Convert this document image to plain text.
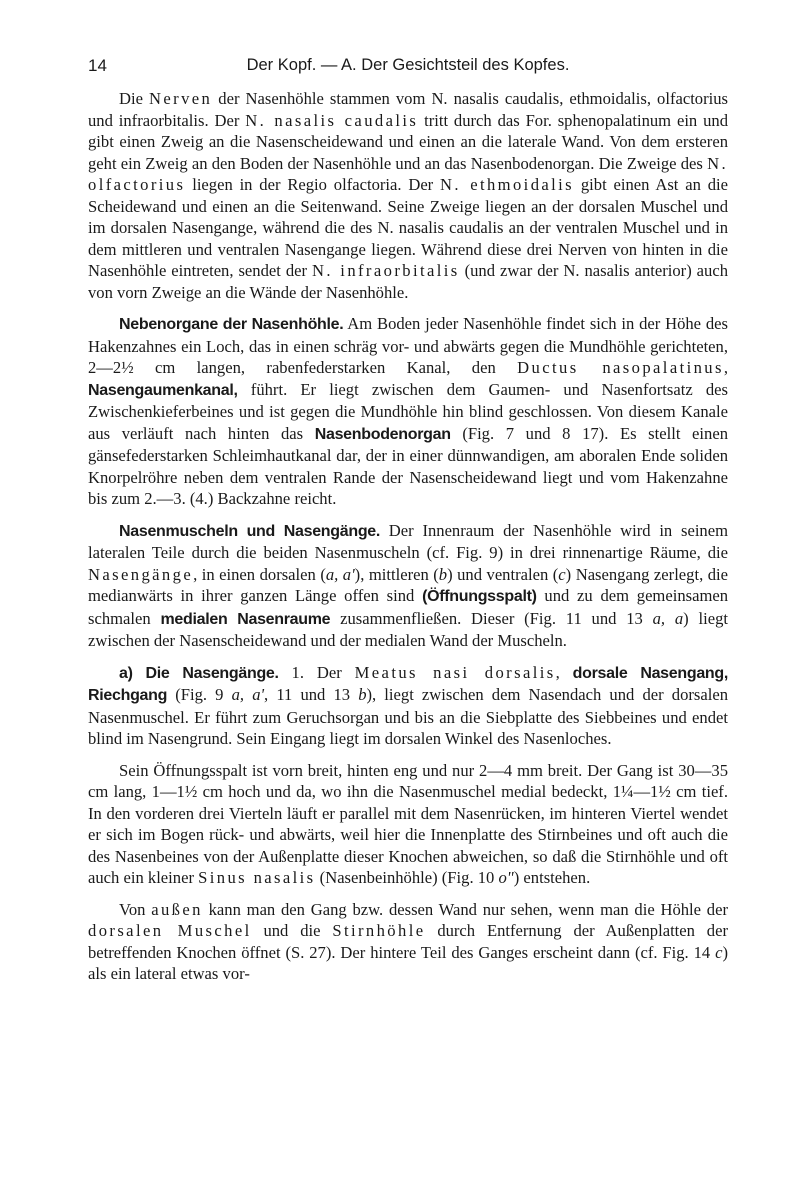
14	Der Kopf. — A. Der Gesichtsteil des Kopfes.

Die Nerven der Nasenhöhle stammen vom N. nasalis caudalis, ethmoidalis, olfactorius und infraorbitalis. Der N. nasalis caudalis tritt durch das For. sphenopalatinum ein und gibt einen Zweig an die Nasenscheidewand und einen an die laterale Wand. Von dem ersteren geht ein Zweig an den Boden der Nasenhöhle und an das Nasenbodenorgan. Die Zweige des N. olfactorius liegen in der Regio olfactoria. Der N. ethmoidalis gibt einen Ast an die Scheidewand und einen an die Seitenwand. Seine Zweige liegen an der dorsalen Muschel und im dorsalen Nasengange, während die des N. nasalis caudalis an der ventralen Muschel und in dem mittleren und ventralen Nasengange liegen. Während diese drei Nerven von hinten in die Nasenhöhle eintreten, sendet der N. infraorbitalis (und zwar der N. nasalis anterior) auch von vorn Zweige an die Wände der Nasenhöhle.

Nebenorgane der Nasenhöhle. Am Boden jeder Nasenhöhle findet sich in der Höhe des Hakenzahnes ein Loch, das in einen schräg vor- und abwärts gegen die Mundhöhle gerichteten, 2—2½ cm langen, rabenfederstarken Kanal, den Ductus nasopalatinus, Nasengaumenkanal, führt. Er liegt zwischen dem Gaumen- und Nasenfortsatz des Zwischenkieferbeines und ist gegen die Mundhöhle hin blind geschlossen. Von diesem Kanale aus verläuft nach hinten das Nasenbodenorgan (Fig. 7 und 8 17). Es stellt einen gänsefederstarken Schleimhautkanal dar, der in einer dünnwandigen, am aboralen Ende soliden Knorpelröhre neben dem ventralen Rande der Nasenscheidewand liegt und vom Hakenzahne bis zum 2.—3. (4.) Backzahne reicht.

Nasenmuscheln und Nasengänge. Der Innenraum der Nasenhöhle wird in seinem lateralen Teile durch die beiden Nasenmuscheln (cf. Fig. 9) in drei rinnenartige Räume, die Nasengänge, in einen dorsalen (a, a'), mittleren (b) und ventralen (c) Nasengang zerlegt, die medianwärts in ihrer ganzen Länge offen sind (Öffnungsspalt) und zu dem gemeinsamen schmalen medialen Nasenraume zusammenfließen. Dieser (Fig. 11 und 13 a, a) liegt zwischen der Nasenscheidewand und der medialen Wand der Muscheln.

a) Die Nasengänge. 1. Der Meatus nasi dorsalis, dorsale Nasengang, Riechgang (Fig. 9 a, a', 11 und 13 b), liegt zwischen dem Nasendach und der dorsalen Nasenmuschel. Er führt zum Geruchsorgan und bis an die Siebplatte des Siebbeines und endet blind im Nasengrund. Sein Eingang liegt im dorsalen Winkel des Nasenloches.

Sein Öffnungsspalt ist vorn breit, hinten eng und nur 2—4 mm breit. Der Gang ist 30—35 cm lang, 1—1½ cm hoch und da, wo ihn die Nasenmuschel medial bedeckt, 1¼—1½ cm tief. In den vorderen drei Vierteln läuft er parallel mit dem Nasenrücken, im hinteren Viertel wendet er sich im Bogen rück- und abwärts, weil hier die Innenplatte des Stirnbeines und oft auch die des Nasenbeines von der Außenplatte dieser Knochen abweichen, so daß die Stirnhöhle und oft auch ein kleiner Sinus nasalis (Nasenbeinhöhle) (Fig. 10 o") entstehen.

Von außen kann man den Gang bzw. dessen Wand nur sehen, wenn man die Höhle der dorsalen Muschel und die Stirnhöhle durch Entfernung der Außenplatten der betreffenden Knochen öffnet (S. 27). Der hintere Teil des Ganges erscheint dann (cf. Fig. 14 c) als ein lateral etwas vor-
